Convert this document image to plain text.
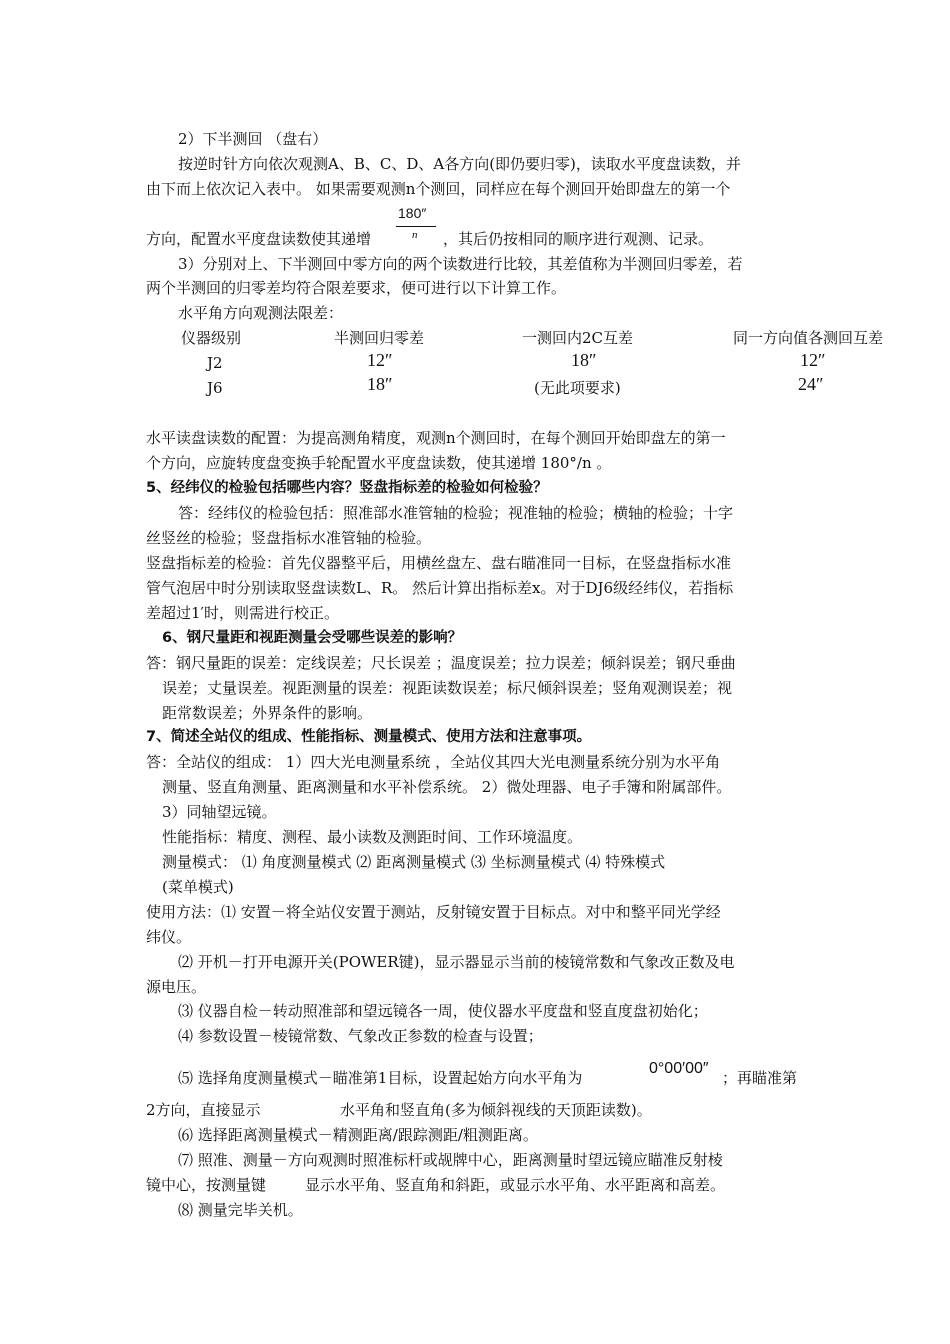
2）下半测回 （盘右）
按逆时针方向依次观测A、B、C、D、A各方向(即仍要归零)，读取水平度盘读数，并
由下而上依次记入表中。 如果需要观测n个测回，同样应在每个测回开始即盘左的第一个
方向，配置水平度盘读数使其递增
180″
n ，其后仍按相同的顺序进行观测、记录。
3）分别对上、下半测回中零方向的两个读数进行比较，其差值称为半测回归零差，若
两个半测回的归零差均符合限差要求，便可进行以下计算工作。
水平角方向观测法限差：
仪器级别	半测回归零差	一测回内2C互差	同一方向值各测回互差
J2	12″	18″	12″
J6	18″	(无此项要求)	24″
水平读盘读数的配置：为提高测角精度，观测n个测回时，在每个测回开始即盘左的第一
个方向，应旋转度盘变换手轮配置水平度盘读数，使其递增 180°/n 。
5、经纬仪的检验包括哪些内容？竖盘指标差的检验如何检验？
答：经纬仪的检验包括：照准部水准管轴的检验；视准轴的检验；横轴的检验；十字
丝竖丝的检验；竖盘指标水准管轴的检验。
竖盘指标差的检验：首先仪器整平后，用横丝盘左、盘右瞄准同一目标，在竖盘指标水准
管气泡居中时分别读取竖盘读数L、R。 然后计算出指标差x。对于DJ6级经纬仪，若指标
差超过1′时，则需进行校正。
6、钢尺量距和视距测量会受哪些误差的影响？
答：钢尺量距的误差：定线误差；尺长误差 ；温度误差；拉力误差；倾斜误差；钢尺垂曲
误差；丈量误差。视距测量的误差：视距读数误差；标尺倾斜误差；竖角观测误差；视
距常数误差；外界条件的影响。
7、简述全站仪的组成、性能指标、测量模式、使用方法和注意事项。
答：全站仪的组成： 1）四大光电测量系统 ，全站仪其四大光电测量系统分别为水平角
测量、竖直角测量、距离测量和水平补偿系统。 2）微处理器、电子手簿和附属部件。
3）同轴望远镜。
性能指标：精度、测程、最小读数及测距时间、工作环境温度。
测量模式： ⑴ 角度测量模式 ⑵ 距离测量模式 ⑶ 坐标测量模式 ⑷ 特殊模式
(菜单模式)
使用方法：⑴ 安置－将全站仪安置于测站，反射镜安置于目标点。对中和整平同光学经
纬仪。
⑵ 开机－打开电源开关(POWER键)，显示器显示当前的棱镜常数和气象改正数及电
源电压。
⑶ 仪器自检－转动照准部和望远镜各一周，使仪器水平度盘和竖直度盘初始化；
⑷ 参数设置－棱镜常数、气象改正参数的检查与设置；
⑸ 选择角度测量模式－瞄准第1目标，设置起始方向水平角为
0°00′00″
；再瞄准第
2方向，直接显示	水平角和竖直角(多为倾斜视线的天顶距读数)。
⑹ 选择距离测量模式－精测距离/跟踪测距/粗测距离。
⑺ 照准、测量－方向观测时照准标杆或觇牌中心，距离测量时望远镜应瞄准反射棱
镜中心，按测量键	显示水平角、竖直角和斜距，或显示水平角、水平距离和高差。
⑻ 测量完毕关机。
